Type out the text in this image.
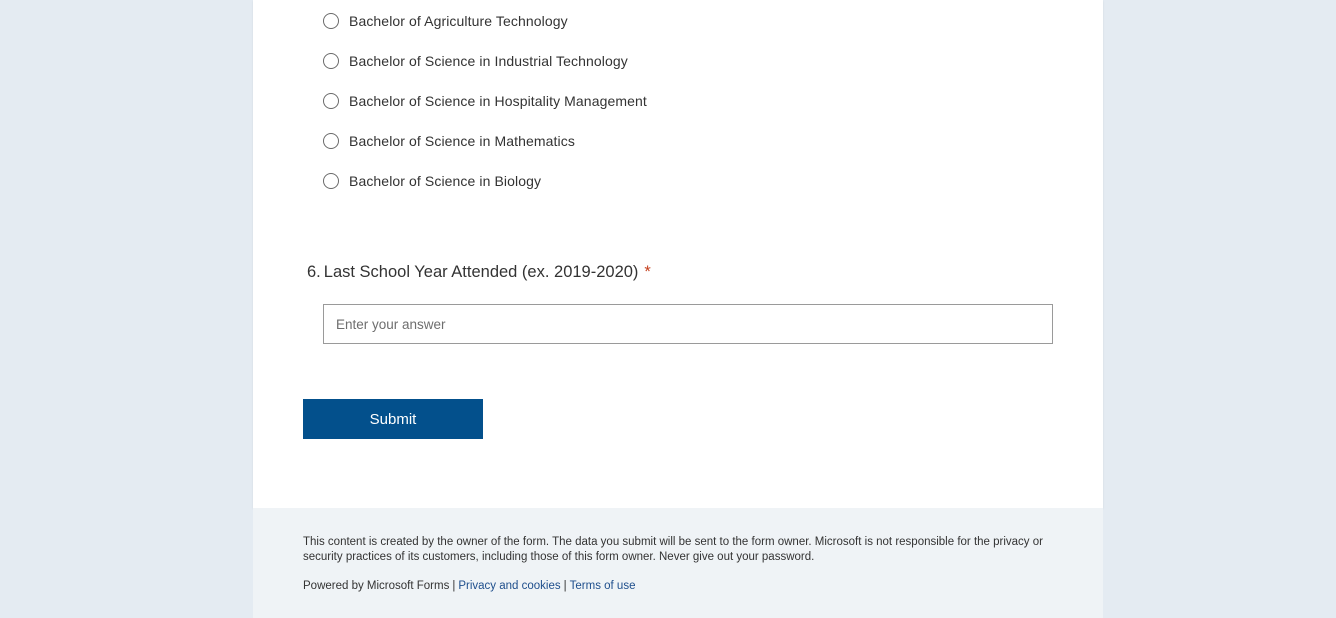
Bachelor of Agriculture Technology
Bachelor of Science in Industrial Technology
Bachelor of Science in Hospitality Management
Bachelor of Science in Mathematics
Bachelor of Science in Biology
6. Last School Year Attended (ex. 2019-2020) *
Enter your answer
Submit
This content is created by the owner of the form. The data you submit will be sent to the form owner. Microsoft is not responsible for the privacy or security practices of its customers, including those of this form owner. Never give out your password.
Powered by Microsoft Forms | Privacy and cookies | Terms of use
